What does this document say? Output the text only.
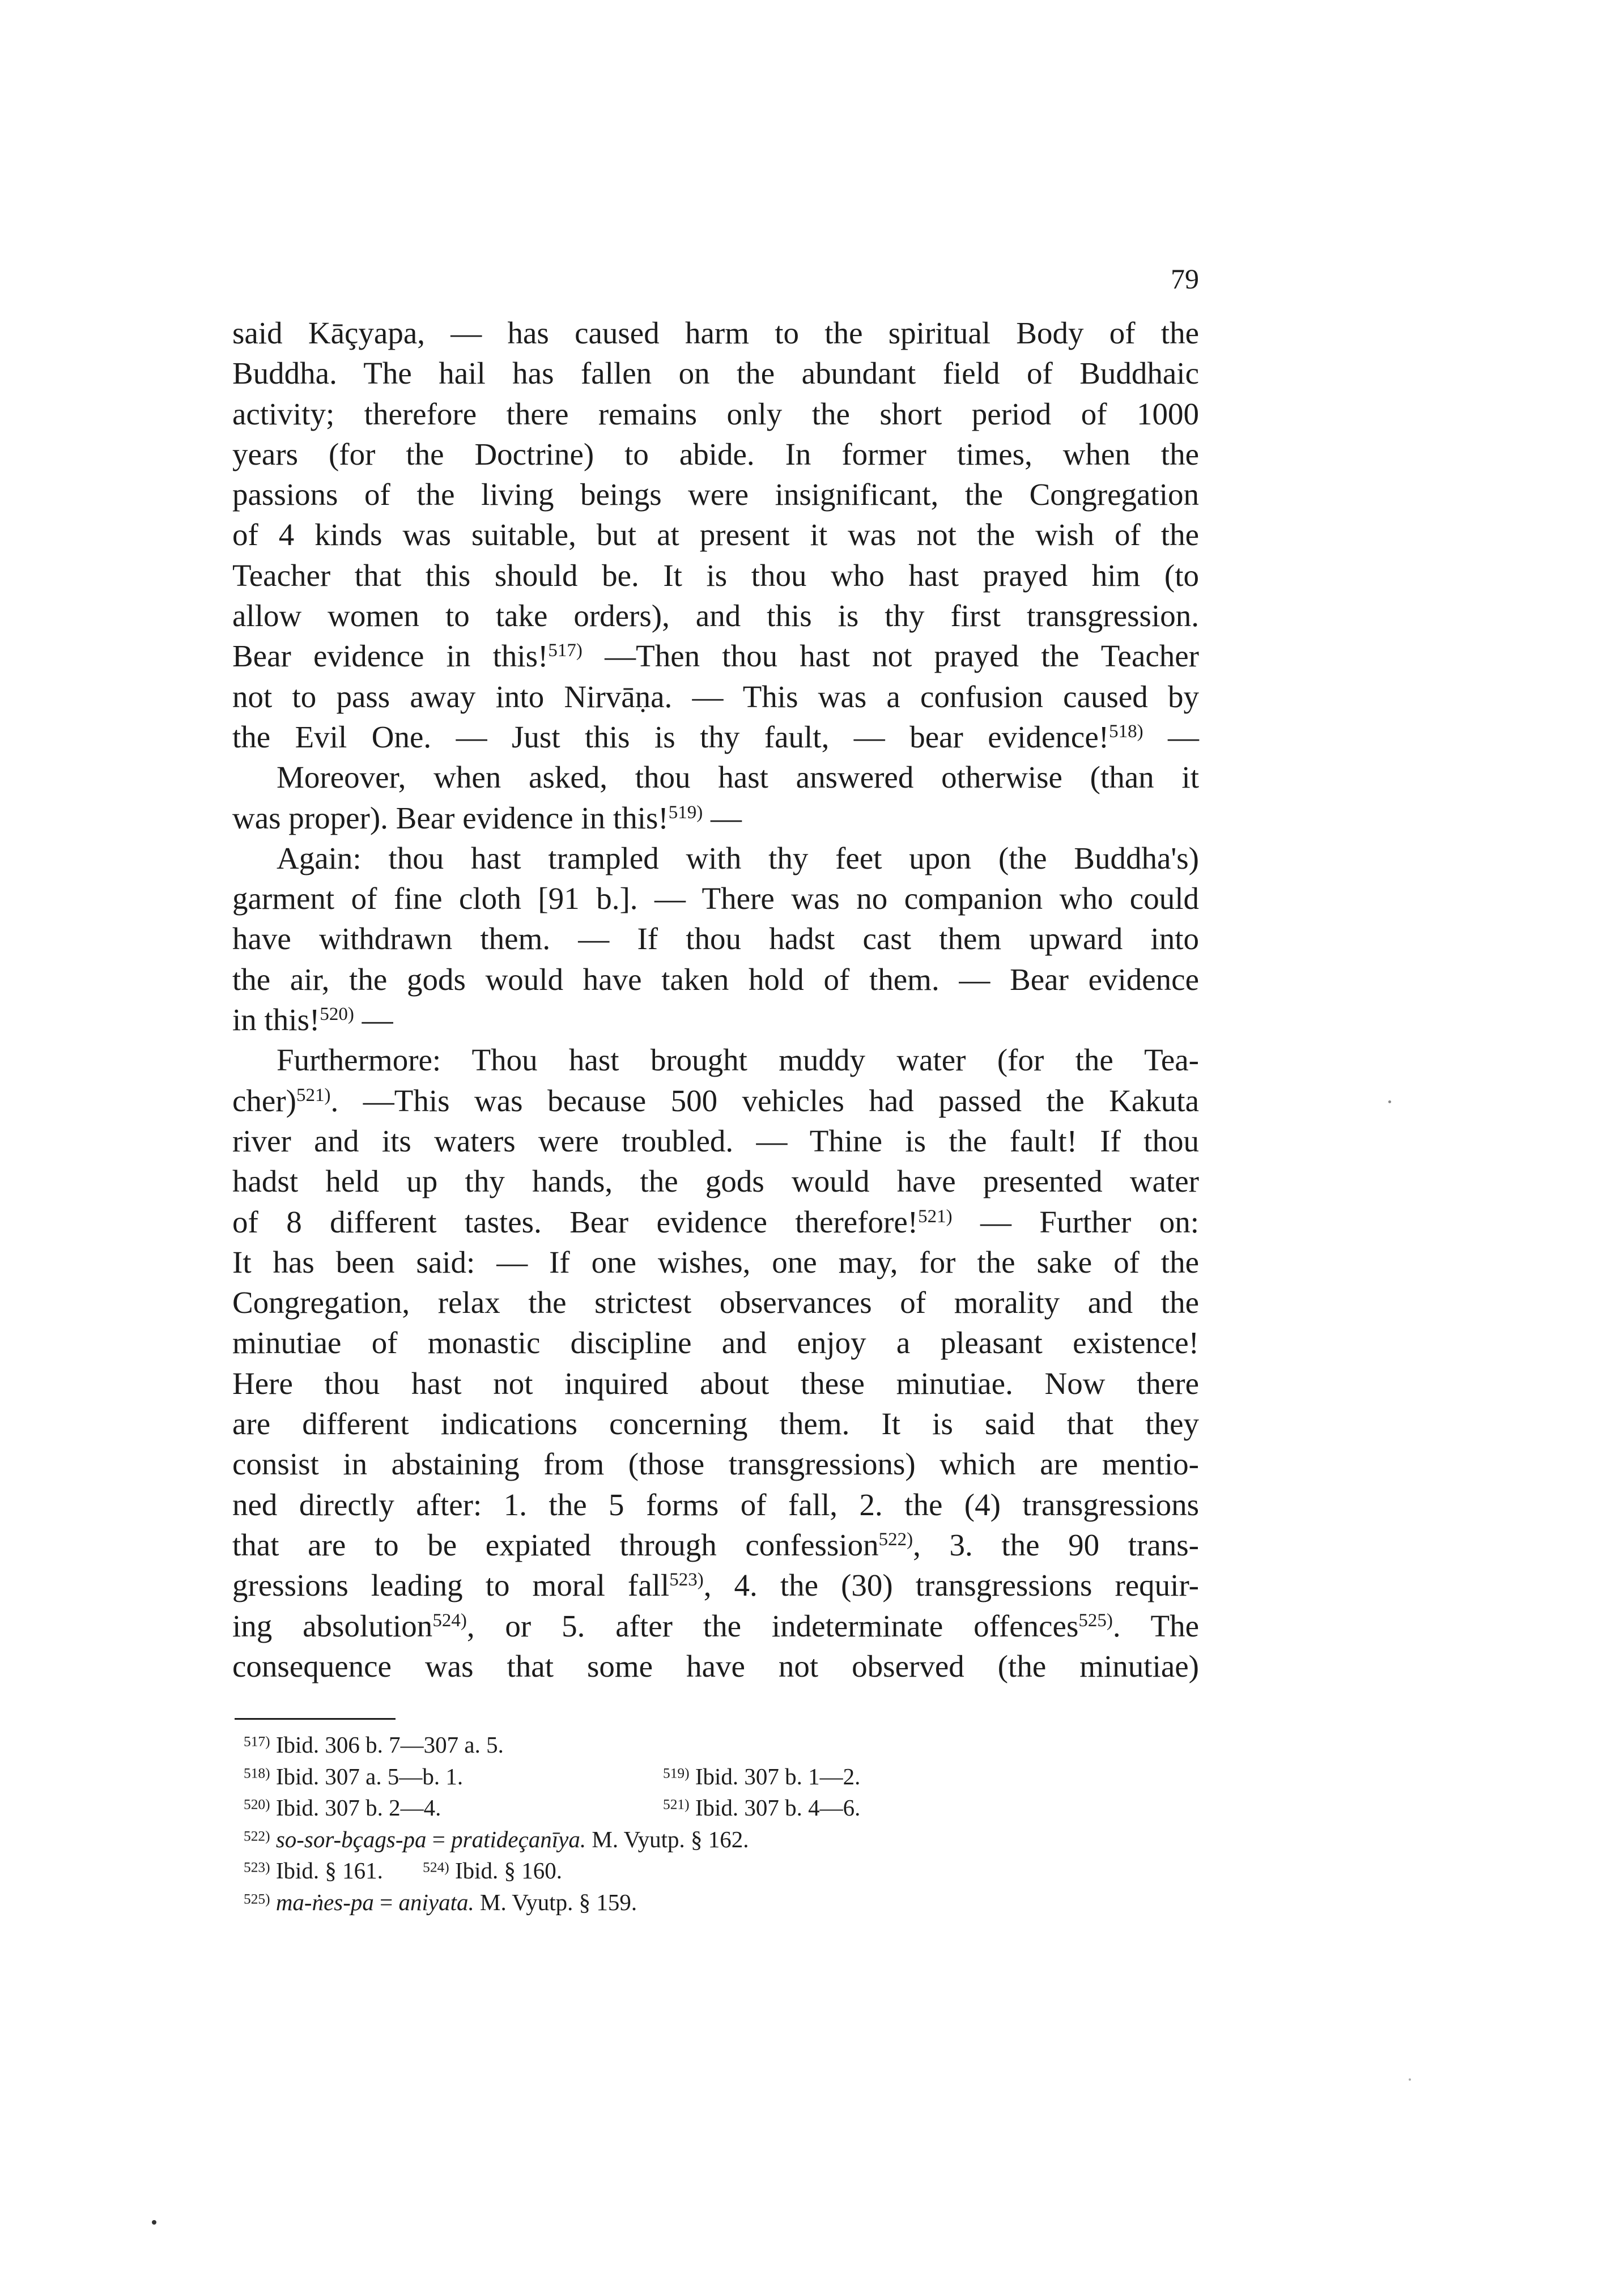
79

said Kāçyapa, — has caused harm to the spiritual Body of the

Buddha. The hail has fallen on the abundant field of Buddhaic

activity; therefore there remains only the short period of 1000

years (for the Doctrine) to abide. In former times, when the

passions of the living beings were insignificant, the Congregation

of 4 kinds was suitable, but at present it was not the wish of the

Teacher that this should be. It is thou who hast prayed him (to

allow women to take orders), and this is thy first transgression.

Bear evidence in this!$^{517)}$ —Then thou hast not prayed the Teacher

not to pass away into Nirvāṇa. — This was a confusion caused by

the Evil One. — Just this is thy fault, — bear evidence!$^{518)}$ —

Moreover, when asked, thou hast answered otherwise (than it

was proper). Bear evidence in this!$^{519)}$ —

Again: thou hast trampled with thy feet upon (the Buddha's)

garment of fine cloth [91 b.]. — There was no companion who could

have withdrawn them. — If thou hadst cast them upward into

the air, the gods would have taken hold of them. — Bear evidence

in this!$^{520)}$ —

Furthermore: Thou hast brought muddy water (for the Tea-

cher)$^{521)}$. —This was because 500 vehicles had passed the Kakuta

river and its waters were troubled. — Thine is the fault! If thou

hadst held up thy hands, the gods would have presented water

of 8 different tastes. Bear evidence therefore!$^{521)}$ — Further on:

It has been said: — If one wishes, one may, for the sake of the

Congregation, relax the strictest observances of morality and the

minutiae of monastic discipline and enjoy a pleasant existence!

Here thou hast not inquired about these minutiae. Now there

are different indications concerning them. It is said that they

consist in abstaining from (those transgressions) which are mentio-

ned directly after: 1. the 5 forms of fall, 2. the (4) transgressions

that are to be expiated through confession$^{522)}$, 3. the 90 trans-

gressions leading to moral fall$^{523)}$, 4. the (30) transgressions requir-

ing absolution$^{524)}$, or 5. after the indeterminate offences$^{525)}$. The

consequence was that some have not observed (the minutiae)

$^{517)}$ Ibid. 306 b. 7—307 a. 5.
$^{518)}$ Ibid. 307 a. 5—b. 1.	$^{519)}$ Ibid. 307 b. 1—2.
$^{520)}$ Ibid. 307 b. 2—4.	$^{521)}$ Ibid. 307 b. 4—6.
$^{522)}$ so-sor-bçags-pa = pratideçanīya. M. Vyutp. § 162.
$^{523)}$ Ibid. § 161.	$^{524)}$ Ibid. § 160.
$^{525)}$ ma-ṅes-pa = aniyata. M. Vyutp. § 159.
